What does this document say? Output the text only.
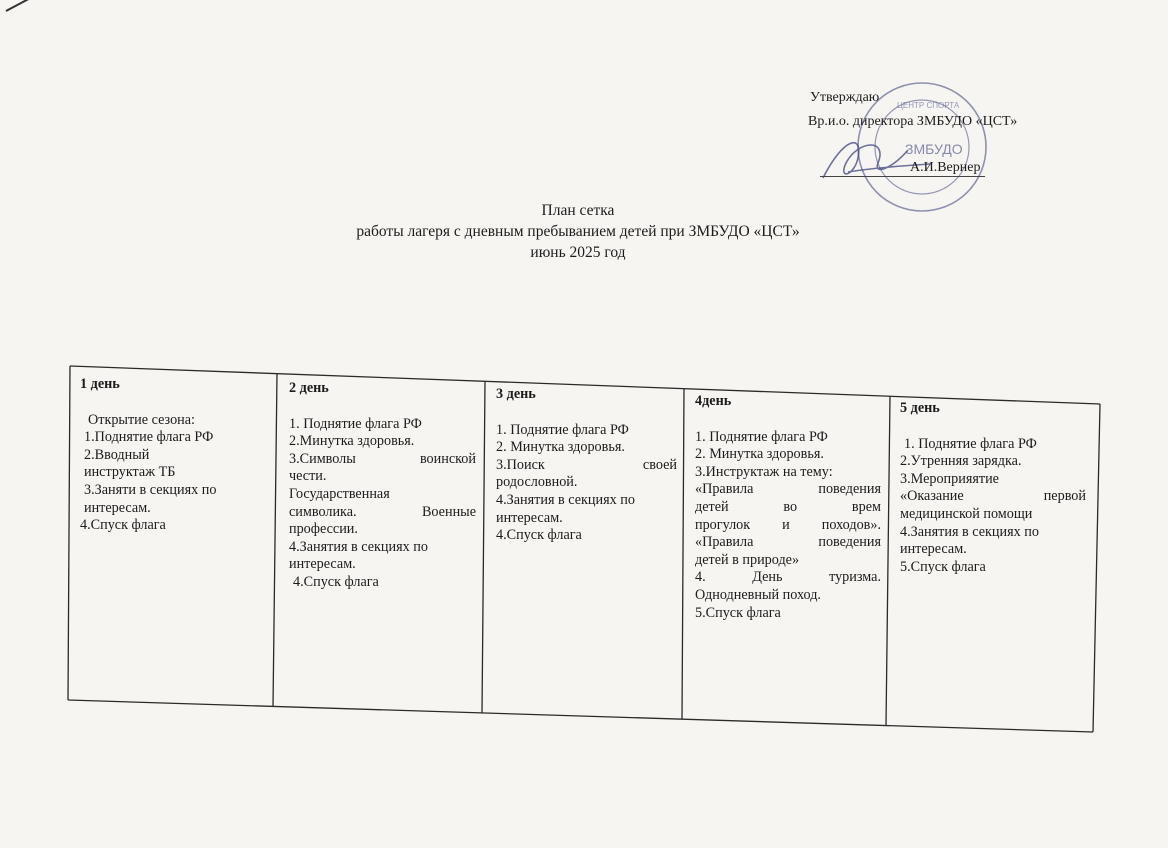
ЗМБУДО
ЦЕНТР СПОРТА
Утверждаю
Вр.и.о. директора ЗМБУДО «ЦСТ»
А.И.Вернер
План сетка
работы лагеря с дневным пребыванием детей при ЗМБУДО «ЦСТ»
июнь 2025 год
1 день
Открытие сезона:
1.Поднятие флага РФ
2.Вводный
инструктаж ТБ
3.Заняти в секциях по
интересам.
4.Спуск флага
2 день
1. Поднятие флага РФ
2.Минутка здоровья.
3.Символы воинской
чести.
Государственная
символика. Военные
профессии.
4.Занятия в секциях по
интересам.
4.Спуск флага
3 день
1. Поднятие флага РФ
2. Минутка здоровья.
3.Поиск своей
родословной.
4.Занятия в секциях по
интересам.
4.Спуск флага
4день
1. Поднятие флага РФ
2. Минутка здоровья.
3.Инструктаж на тему:
«Правила поведения
детей во врем
прогулок и походов».
«Правила поведения
детей в природе»
4. День туризма.
Однодневный поход.
5.Спуск флага
5 день
1. Поднятие флага РФ
2.Утренняя зарядка.
3.Мероприяятие
«Оказание первой
медицинской помощи
4.Занятия в секциях по
интересам.
5.Спуск флага
